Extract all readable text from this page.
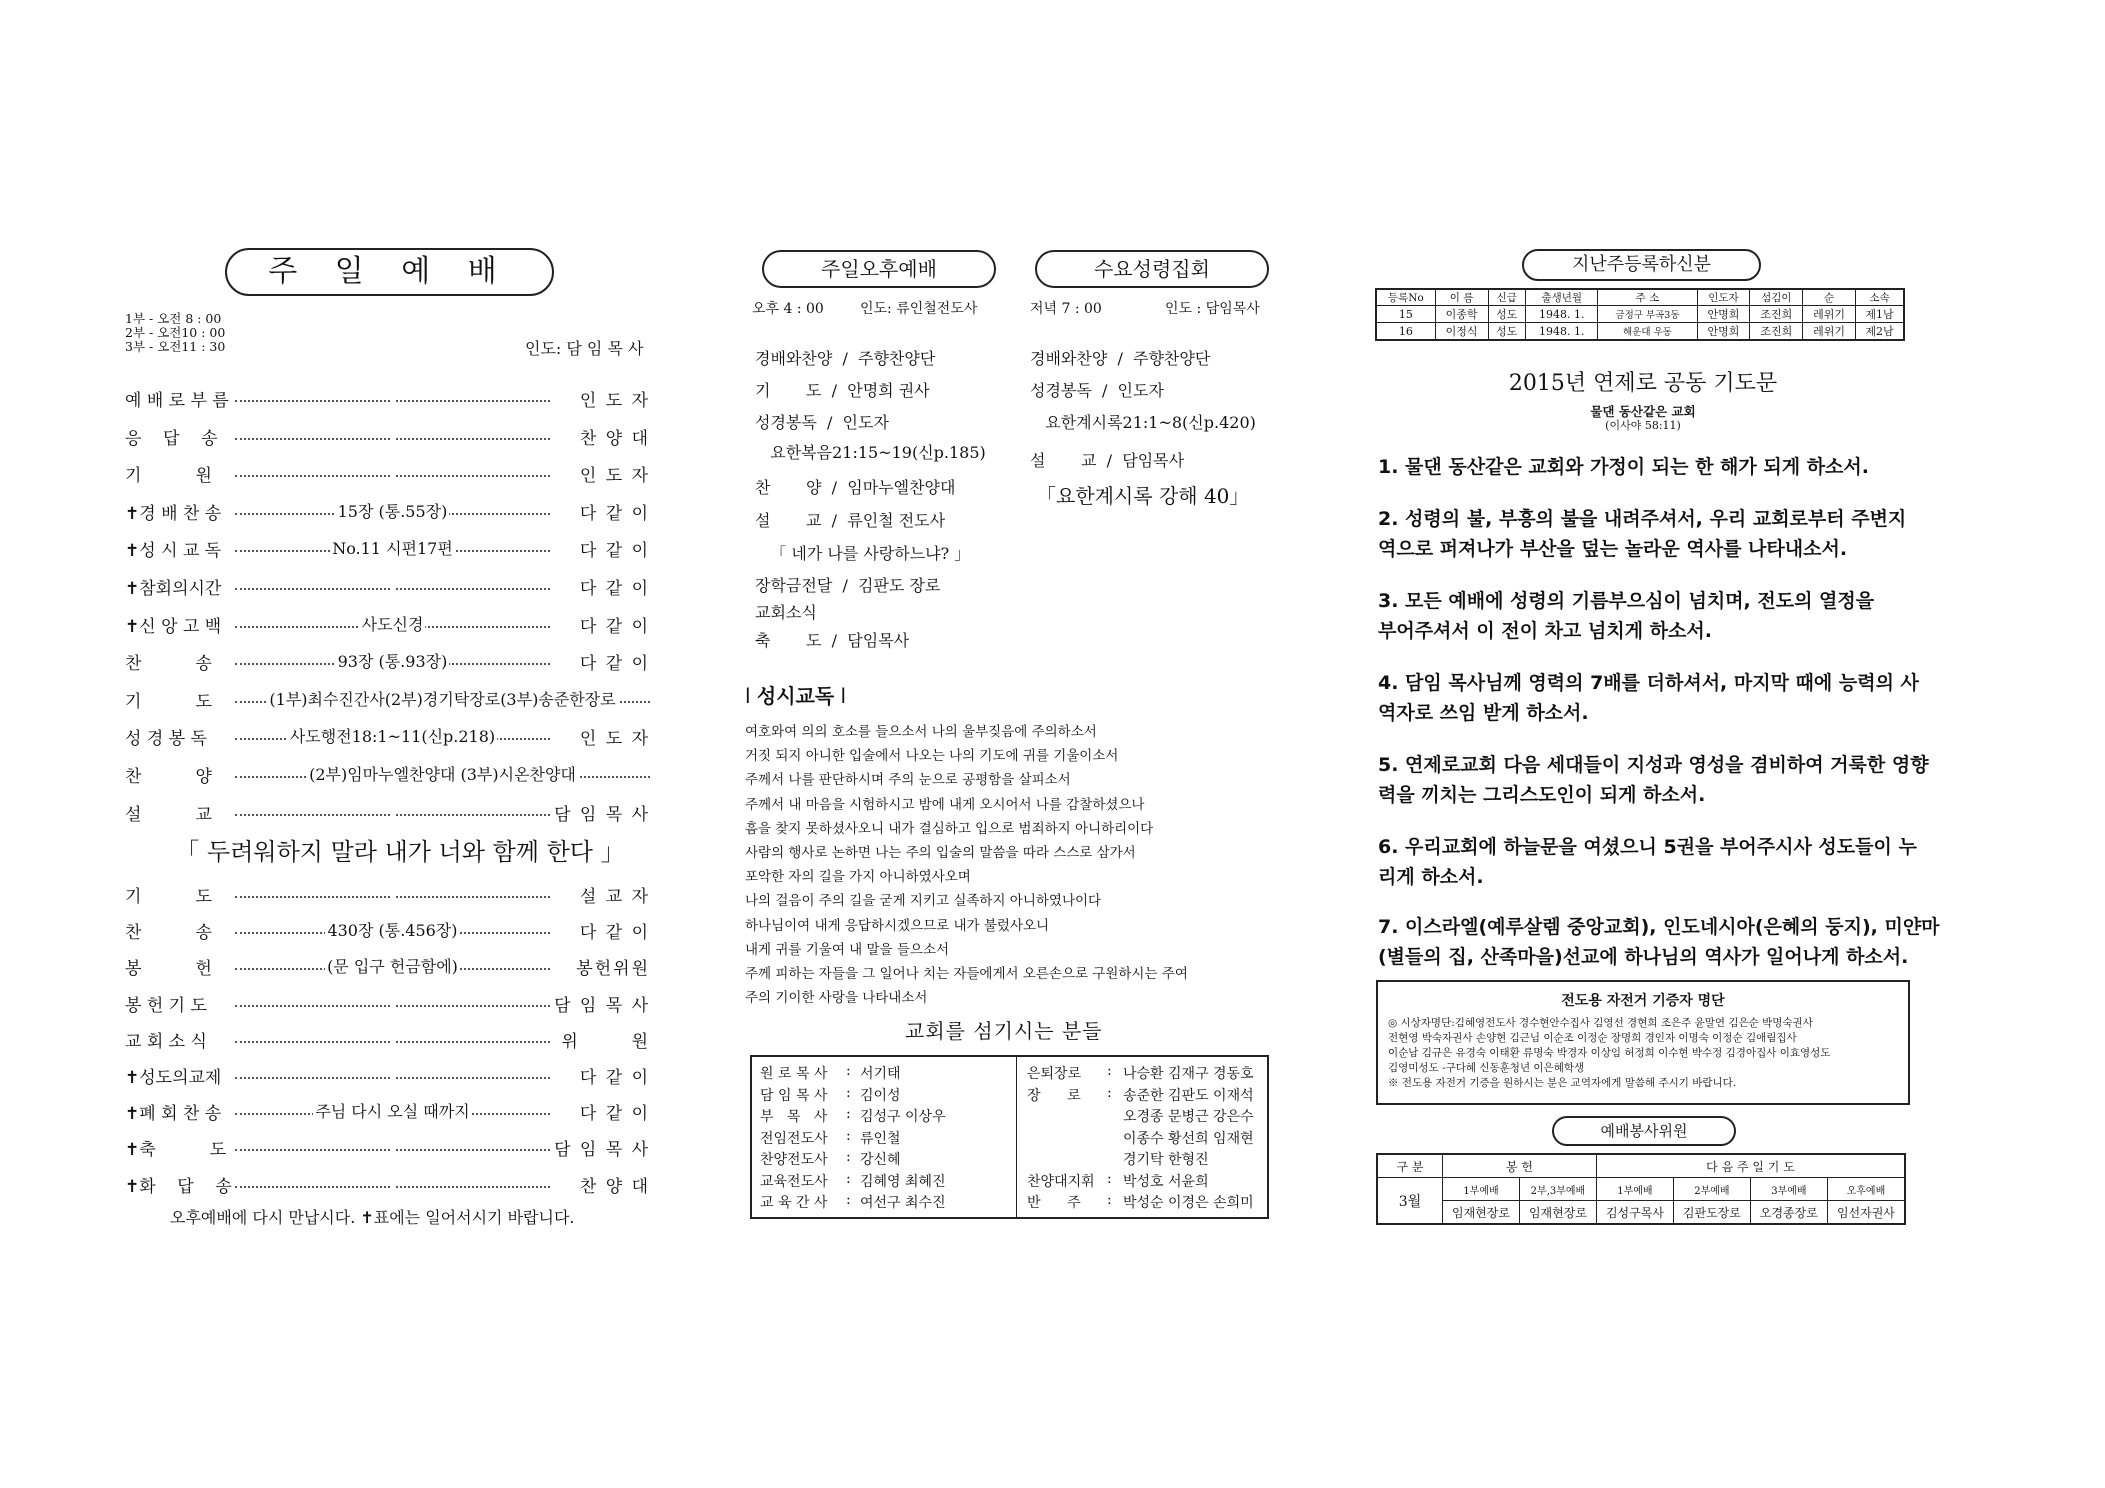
주 일 예 배
1부 - 오전 8 : 00
2부 - 오전10 : 00
3부 - 오전11 : 30	인도: 담 임 목 사
예 배 로 부 름	인 도 자
응    답    송	찬 양 대
기          원	인 도 자
✝경 배 찬 송	15장 (통.55장)	다 같 이
✝성 시 교 독	No.11 시편17편	다 같 이
✝참회의시간	다 같 이
✝신 앙 고 백	사도신경	다 같 이
찬          송	93장 (통.93장)	다 같 이
기          도	(1부)최수진간사(2부)경기탁장로(3부)송준한장로
성 경 봉 독	사도행전18:1~11(신p.218)	인 도 자
찬          양	(2부)임마누엘찬양대 (3부)시온찬양대
설          교	담 임 목 사
「 두려워하지 말라 내가 너와 함께 한다 」
기          도	설 교 자
찬          송	430장 (통.456장)	다 같 이
봉          헌	(문 입구 헌금함에)	봉헌위원
봉 헌 기 도	담 임 목 사
교 회 소 식	위       원
✝성도의교제	다 같 이
✝폐 회 찬 송	주님 다시 오실 때까지	다 같 이
✝축          도	담 임 목 사
✝화    답    송	찬 양 대
오후예배에 다시 만납시다. ✝표에는 일어서시기 바랍니다.
주일오후예배	수요성령집회
오후 4 : 00	인도: 류인철전도사	저녁 7 : 00	인도 : 담임목사
경배와찬양  /  주향찬양단
기       도  /  안명희 권사
성경봉독  /  인도자
요한복음21:15~19(신p.185)
찬       양  /  임마누엘찬양대
설       교  /  류인철 전도사
「 네가 나를 사랑하느냐? 」
장학금전달  /  김판도 장로
교회소식
축       도  /  담임목사
경배와찬양  /  주향찬양단
성경봉독  /  인도자
요한계시록21:1~8(신p.420)
설       교  /  담임목사
「요한계시록 강해 40」
l 성시교독 l
여호와여 의의 호소를 들으소서 나의 울부짖음에 주의하소서
거짓 되지 아니한 입술에서 나오는 나의 기도에 귀를 기울이소서
주께서 나를 판단하시며 주의 눈으로 공평함을 살피소서
주께서 내 마음을 시험하시고 밤에 내게 오시어서 나를 감찰하셨으나
흠을 찾지 못하셨사오니 내가 결심하고 입으로 범죄하지 아니하리이다
사람의 행사로 논하면 나는 주의 입술의 말씀을 따라 스스로 삼가서
포악한 자의 길을 가지 아니하였사오며
나의 걸음이 주의 길을 굳게 지키고 실족하지 아니하였나이다
하나님이여 내게 응답하시겠으므로 내가 불렀사오니
내게 귀를 기울여 내 말을 들으소서
주께 피하는 자들을 그 일어나 치는 자들에게서 오른손으로 구원하시는 주여
주의 기이한 사랑을 나타내소서
교회를 섬기시는 분들
원 로 목 사 : 서기태
담 임 목 사 : 김이성
부   목   사 : 김성구 이상우
전임전도사 : 류인철
찬양전도사 : 강신혜
교육전도사 : 김혜영 최혜진
교 육 간 사 : 여선구 최수진
은퇴장로 : 나승환 김재구 경동호
장      로 : 송준한 김판도 이재석
오경종 문병근 강은수
이종수 황선희 임재현
경기탁 한형진
찬양대지휘 : 박성호 서윤희
반      주 : 박성순 이경은 손희미
지난주등록하신분
등록No	이 름	신급	출생년월	주 소	인도자	섬김이	순	소속
15	이종학	성도	1948. 1.	금정구 부곡3동	안명희	조진희	레위기	제1남
16	이정식	성도	1948. 1.	해운대 우동	안명희	조진희	레위기	제2남
2015년 연제로 공동 기도문
물댄 동산같은 교회
(이사야 58:11)
1. 물댄 동산같은 교회와 가정이 되는 한 해가 되게 하소서.
2. 성령의 불, 부흥의 불을 내려주셔서, 우리 교회로부터 주변지
역으로 퍼져나가 부산을 덮는 놀라운 역사를 나타내소서.
3. 모든 예배에 성령의 기름부으심이 넘치며, 전도의 열정을
부어주셔서 이 전이 차고 넘치게 하소서.
4. 담임 목사님께 영력의 7배를 더하셔서, 마지막 때에 능력의 사
역자로 쓰임 받게 하소서.
5. 연제로교회 다음 세대들이 지성과 영성을 겸비하여 거룩한 영향
력을 끼치는 그리스도인이 되게 하소서.
6. 우리교회에 하늘문을 여셨으니 5권을 부어주시사 성도들이 누
리게 하소서.
7. 이스라엘(예루살렘 중앙교회), 인도네시아(은혜의 둥지), 미얀마
(별들의 집, 산족마을)선교에 하나님의 역사가 일어나게 하소서.
전도용 자전거 기증자 명단
◎ 시상자명단:김혜영전도사 경수현안수집사 김영선 경현희 조은주 윤말연 김은순 박명숙권사
전현영 박숙자권사 손양현 김근님 이순조 이정순 장명희 경인자 이명숙 이정순 김애림집사
이순남 김규은 유경숙 이태환 류명숙 박경자 이상임 허정희 이수현 박수정 김경아집사 이효영성도
김영미성도 -구다혜 신동훈청년 이은혜학생
※ 전도용 자전거 기증을 원하시는 분은 교역자에게 말씀해 주시기 바랍니다.
예배봉사위원
구 분	봉 헌		다 음 주 일 기 도			
3월	1부예배	2부,3부예배	1부예배	2부예배	3부예배	오후예배
	임재현장로	임재현장로	김성구목사	김판도장로	오경종장로	임선자권사
